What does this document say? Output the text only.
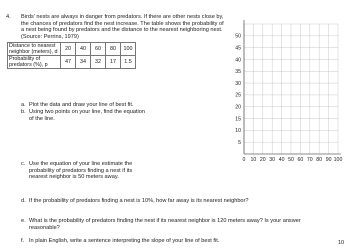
0 10 20 30 40 50 60 70 80 90 100
5
10
15
20
25
30
35
40
45
50
4. Birds' nests are always in danger from predators. If there are other nests close by, the chances of predators find the nest increase. The table shows the probability of a nest being found by predators and the distance to the nearest neighboring nest. (Source: Perrins, 1979)
Distance to nearest neighbor (meters), d	20	40	60	80	100
Probability of predators (%), p	47	34	32	17	1.5
a. Plot the data and draw your line of best fit.
b. Using two points on your line, find the equation of the line.
c. Use the equation of your line estimate the probability of predators finding a nest if its nearest neighbor is 50 meters away.
d. If the probability of predators finding a nest is 10%, how far away is its nearest neighbor?
e. What is the probability of predators finding the nest if its nearest neighbor is 120 meters away? Is your answer reasonable?
f. In plain English, write a sentence interpreting the slope of your line of best fit.	10
